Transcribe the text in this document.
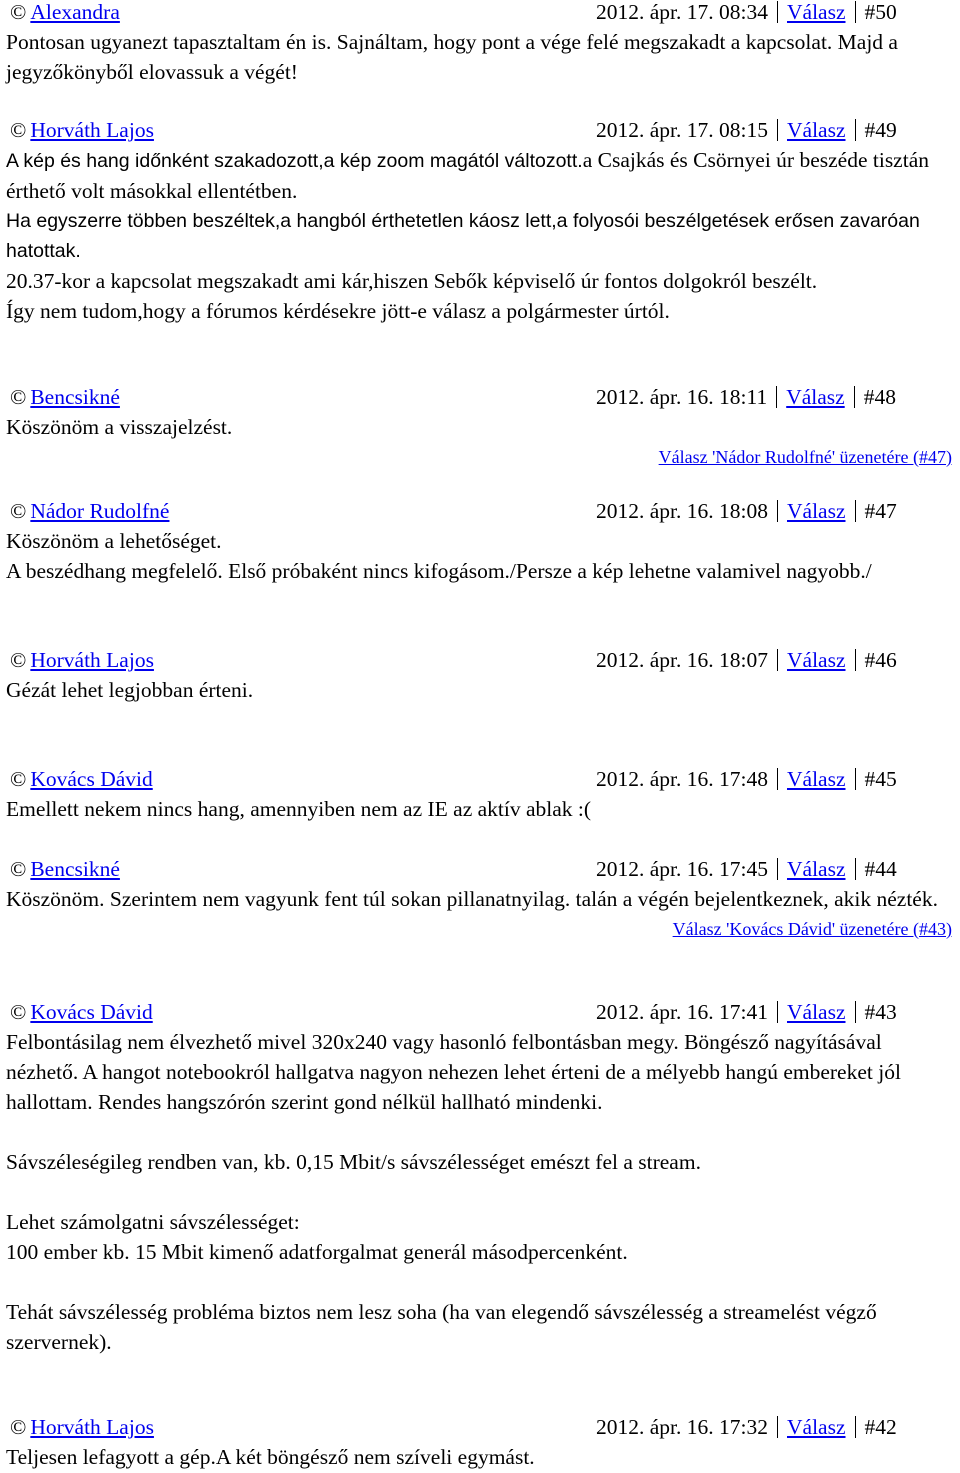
© Alexandra	2012. ápr. 17. 08:34 Válasz #50

Pontosan ugyanezt tapasztaltam én is. Sajnáltam, hogy pont a vége felé megszakadt a kapcsolat. Majd a jegyzőkönyből elovassuk a végét!

© Horváth Lajos	2012. ápr. 17. 08:15 Válasz #49

A kép és hang időnként szakadozott,a kép zoom magától változott.a Csajkás és Csörnyei úr beszéde tisztán érthető volt másokkal ellentétben.

Ha egyszerre többen beszéltek,a hangból érthetetlen káosz lett,a folyosói beszélgetések erősen zavaróan hatottak.

20.37-kor a kapcsolat megszakadt ami kár,hiszen Sebők képviselő úr fontos dolgokról beszélt.

Így nem tudom,hogy a fórumos kérdésekre jött-e válasz a polgármester úrtól.

© Bencsikné	2012. ápr. 16. 18:11 Válasz #48

Köszönöm a visszajelzést.

Válasz 'Nádor Rudolfné' üzenetére (#47)
© Nádor Rudolfné	2012. ápr. 16. 18:08 Válasz #47

Köszönöm a lehetőséget.

A beszédhang megfelelő. Első próbaként nincs kifogásom./Persze a kép lehetne valamivel nagyobb./

© Horváth Lajos	2012. ápr. 16. 18:07 Válasz #46

Gézát lehet legjobban érteni.

© Kovács Dávid	2012. ápr. 16. 17:48 Válasz #45

Emellett nekem nincs hang, amennyiben nem az IE az aktív ablak :(

© Bencsikné	2012. ápr. 16. 17:45 Válasz #44

Köszönöm. Szerintem nem vagyunk fent túl sokan pillanatnyilag. talán a végén bejelentkeznek, akik nézték.

Válasz 'Kovács Dávid' üzenetére (#43)
© Kovács Dávid	2012. ápr. 16. 17:41 Válasz #43

Felbontásilag nem élvezhető mivel 320x240 vagy hasonló felbontásban megy. Böngésző nagyításával nézhető. A hangot notebookról hallgatva nagyon nehezen lehet érteni de a mélyebb hangú embereket jól hallottam. Rendes hangszórón szerint gond nélkül hallható mindenki.

Sávszéleségileg rendben van, kb. 0,15 Mbit/s sávszélességet emészt fel a stream.

Lehet számolgatni sávszélességet:

100 ember kb. 15 Mbit kimenő adatforgalmat generál másodpercenként.

Tehát sávszélesség probléma biztos nem lesz soha (ha van elegendő sávszélesség a streamelést végző szervernek).

© Horváth Lajos	2012. ápr. 16. 17:32 Válasz #42

Teljesen lefagyott a gép.A két böngésző nem szíveli egymást.
